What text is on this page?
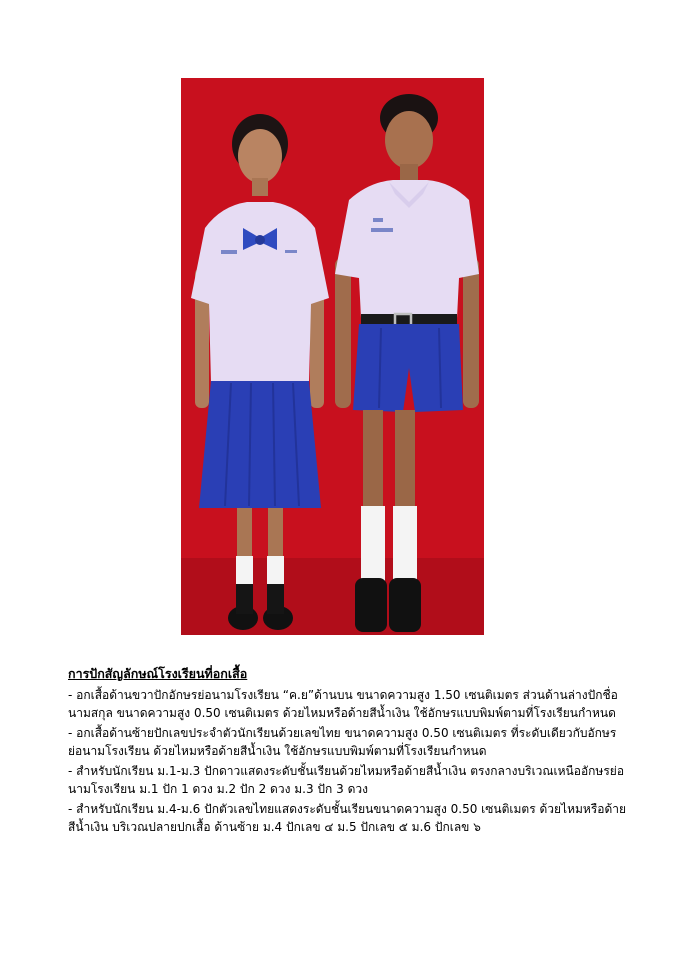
การปักสัญลักษณ์โรงเรียนที่อกเสื้อ
- อกเสื้อด้านขวาปักอักษรย่อนามโรงเรียน “ค.ย”ด้านบน ขนาดความสูง 1.50 เซนติเมตร ส่วนด้านล่างปักชื่อ นามสกุล ขนาดความสูง 0.50 เซนติเมตร ด้วยไหมหรือด้ายสีน้ำเงิน ใช้อักษรแบบพิมพ์ตามที่โรงเรียนกำหนด
- อกเสื้อด้านซ้ายปักเลขประจำตัวนักเรียนด้วยเลขไทย ขนาดความสูง 0.50 เซนติเมตร ที่ระดับเดียวกับอักษรย่อนามโรงเรียน ด้วยไหมหรือด้ายสีน้ำเงิน ใช้อักษรแบบพิมพ์ตามที่โรงเรียนกำหนด
- สำหรับนักเรียน ม.1-ม.3 ปักดาวแสดงระดับชั้นเรียนด้วยไหมหรือด้ายสีน้ำเงิน ตรงกลางบริเวณเหนืออักษรย่อนามโรงเรียน ม.1 ปัก 1 ดวง ม.2 ปัก 2 ดวง ม.3 ปัก 3 ดวง
- สำหรับนักเรียน ม.4-ม.6 ปักตัวเลขไทยแสดงระดับชั้นเรียนขนาดความสูง 0.50 เซนติเมตร ด้วยไหมหรือด้ายสีน้ำเงิน บริเวณปลายปกเสื้อ ด้านซ้าย ม.4 ปักเลข ๔ ม.5 ปักเลข ๕ ม.6 ปักเลข ๖
